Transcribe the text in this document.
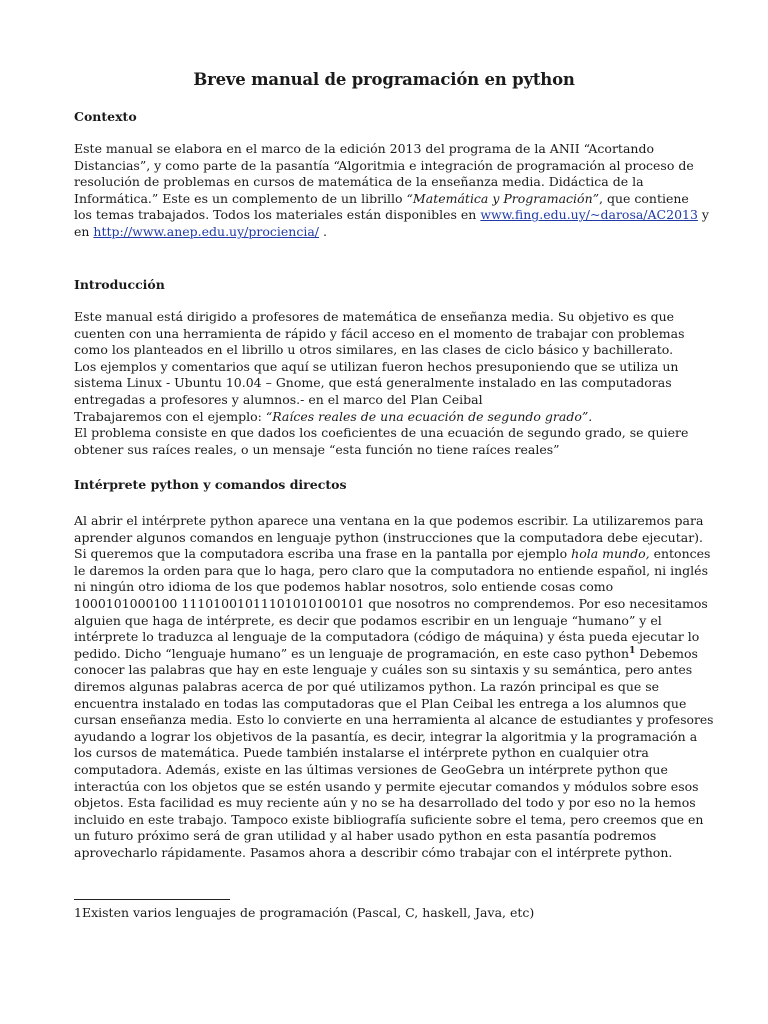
Breve manual de programación en python
Contexto
Este manual se elabora en el marco de la edición 2013 del programa de la ANII “Acortando
Distancias”, y como parte de la pasantía “Algoritmia e integración de programación al proceso de
resolución de problemas en cursos de matemática de la enseñanza media. Didáctica de la
Informática.” Este es un complemento de un librillo “Matemática y Programación”, que contiene
los temas trabajados. Todos los materiales están disponibles en www.fing.edu.uy/~darosa/AC2013 y
en http://www.anep.edu.uy/prociencia/ .
Introducción
Este manual está dirigido a profesores de matemática de enseñanza media. Su objetivo es que
cuenten con una herramienta de rápido y fácil acceso en el momento de trabajar con problemas
como los planteados en el librillo u otros similares, en las clases de ciclo básico y bachillerato.
Los ejemplos y comentarios que aquí se utilizan fueron hechos presuponiendo que se utiliza un
sistema Linux - Ubuntu 10.04 – Gnome, que está generalmente instalado en las computadoras
entregadas a profesores y alumnos.- en el marco del Plan Ceibal
Trabajaremos con el ejemplo: “Raíces reales de una ecuación de segundo grado”.
El problema consiste en que dados los coeficientes de una ecuación de segundo grado, se quiere
obtener sus raíces reales, o un mensaje “esta función no tiene raíces reales”
Intérprete python y comandos directos
Al abrir el intérprete python aparece una ventana en la que podemos escribir. La utilizaremos para
aprender algunos comandos en lenguaje python (instrucciones que la computadora debe ejecutar).
Si queremos que la computadora escriba una frase en la pantalla por ejemplo hola mundo, entonces
le daremos la orden para que lo haga, pero claro que la computadora no entiende español, ni inglés
ni ningún otro idioma de los que podemos hablar nosotros, solo entiende cosas como
1000101000100 11101001011101010100101 que nosotros no comprendemos. Por eso necesitamos
alguien que haga de intérprete, es decir que podamos escribir en un lenguaje “humano” y el
intérprete lo traduzca al lenguaje de la computadora (código de máquina) y ésta pueda ejecutar lo
pedido. Dicho “lenguaje humano” es un lenguaje de programación, en este caso python$^1$ Debemos
conocer las palabras que hay en este lenguaje y cuáles son su sintaxis y su semántica, pero antes
diremos algunas palabras acerca de por qué utilizamos python. La razón principal es que se
encuentra instalado en todas las computadoras que el Plan Ceibal les entrega a los alumnos que
cursan enseñanza media. Esto lo convierte en una herramienta al alcance de estudiantes y profesores
ayudando a lograr los objetivos de la pasantía, es decir, integrar la algoritmia y la programación a
los cursos de matemática. Puede también instalarse el intérprete python en cualquier otra
computadora. Además, existe en las últimas versiones de GeoGebra un intérprete python que
interactúa con los objetos que se estén usando y permite ejecutar comandos y módulos sobre esos
objetos. Esta facilidad es muy reciente aún y no se ha desarrollado del todo y por eso no la hemos
incluido en este trabajo. Tampoco existe bibliografía suficiente sobre el tema, pero creemos que en
un futuro próximo será de gran utilidad y al haber usado python en esta pasantía podremos
aprovecharlo rápidamente. Pasamos ahora a describir cómo trabajar con el intérprete python.

1Existen varios lenguajes de programación (Pascal, C, haskell, Java, etc)
